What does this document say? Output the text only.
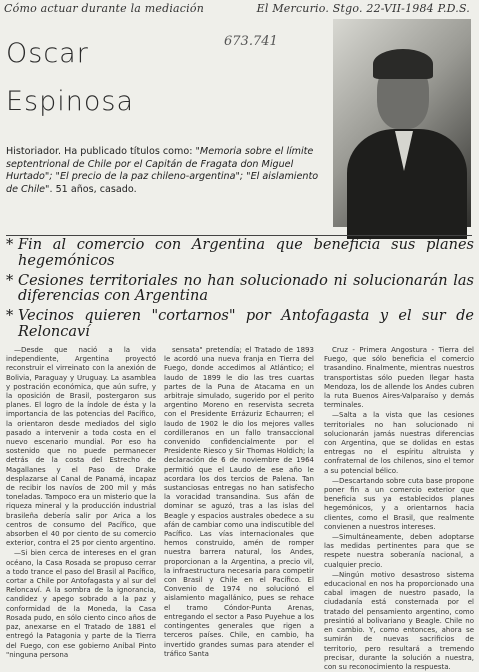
Cómo actuar durante la mediación	El Mercurio. Stgo. 22-VII-1984 P.D.S.
673.741
Oscar
Espinosa
Historiador. Ha publicado títulos como: "Memoria sobre el límite septentrional de Chile por el Capitán de Fragata don Miguel Hurtado"; "El precio de la paz chileno-argentina"; "El aislamiento de Chile". 51 años, casado.
* Fin al comercio con Argentina que beneficia sus planes hegemónicos
* Cesiones territoriales no han solucionado ni solucionarán las diferencias con Argentina
* Vecinos quieren "cortarnos" por Antofagasta y el sur de Reloncaví

—Desde que nació a la vida independiente, Argentina proyectó reconstruir el virreinato con la anexión de Bolivia, Paraguay y Uruguay. La asamblea y postración económica, que aún sufre, y la oposición de Brasil, postergaron sus planes. El logro de la índole de ésta y la importancia de las potencias del Pacífico, la orientaron desde mediados del siglo pasado a intervenir a toda costa en el nuevo escenario mundial. Por eso ha sostenido que no puede permanecer detrás de la costa del Estrecho de Magallanes y el Paso de Drake desplazarse al Canal de Panamá, incapaz de recibir los navíos de 200 mil y más toneladas. Tampoco era un misterio que la riqueza mineral y la producción industrial brasileña debería salir por Arica a los centros de consumo del Pacífico, que absorben el 40 por ciento de su comercio exterior, contra el 25 por ciento argentino.

—Si bien cerca de intereses en el gran océano, la Casa Rosada se propuso cerrar a todo trance el paso del Brasil al Pacífico, cortar a Chile por Antofagasta y al sur del Reloncaví. A la sombra de la ignorancia, candidez y apego sobrado a la paz y conformidad de la Moneda, la Casa Rosada pudo, en sólo ciento cinco años de paz, anexarse en el Tratado de 1881 el entregó la Patagonia y parte de la Tierra del Fuego, con ese gobierno Aníbal Pinto "ninguna persona

sensata" pretendía; el Tratado de 1893 le acordó una nueva franja en Tierra del Fuego, donde accedimos al Atlántico; el laudo de 1899 le dio las tres cuartas partes de la Puna de Atacama en un arbitraje simulado, sugerido por el perito argentino Moreno en reservista secreta con el Presidente Errázuriz Echaurren; el laudo de 1902 le dio los mejores valles cordilleranos en un fallo transaccional convenido confidencialmente por el Presidente Riesco y Sir Thomas Holdich; la declaración de 6 de noviembre de 1964 permitió que el Laudo de ese año le acordara los dos tercios de Palena. Tan sustanciosas entregas no han satisfecho la voracidad transandina. Sus afán de dominar se aguzó, tras a las islas del Beagle y espacios australes obedece a su afán de cambiar como una indiscutible del Pacífico. Las vías internacionales que hemos construido, amén de romper nuestra barrera natural, los Andes, proporcionan a la Argentina, a precio vil, la infraestructura necesaria para competir con Brasil y Chile en el Pacífico. El Convenio de 1974 no solucionó el aislamiento magallánico, pues se rehace el tramo Cóndor-Punta Arenas, entregando el sector a Paso Puyehue a los contingentes generales que rigen a terceros países. Chile, en cambio, ha invertido grandes sumas para atender el tráfico Santa

Cruz - Primera Angostura - Tierra del Fuego, que sólo beneficia el comercio trasandino. Finalmente, mientras nuestros transportistas sólo pueden llegar hasta Mendoza, los de allende los Andes cubren la ruta Buenos Aires-Valparaíso y demás terminales.

—Salta a la vista que las cesiones territoriales no han solucionado ni solucionarán jamás nuestras diferencias con Argentina, que se dolidas en estas entregas no el espíritu altruista y confraternal de los chilenos, sino el temor a su potencial bélico.

—Descartando sobre cuta base propone poner fin a un comercio exterior que beneficia sus ya establecidos planes hegemónicos, y a orientarnos hacia clientes, como el Brasil, que realmente convienen a nuestros intereses.

—Simultáneamente, deben adoptarse las medidas pertinentes para que se respete nuestra soberanía nacional, a cualquier precio.

—Ningún motivo desastroso sistema educacional en nos ha proporcionado una cabal imagen de nuestro pasado, la ciudadanía está consternada por el tratado del pensamiento argentino, como presintió al bolivariano y Beagle. Chile no en cambio. Y, como entonces, ahora se sumirán de nuevas sacrificios de territorio, pero resultará a tremendo precisar, durante la solución a nuestra, con su reconocimiento la respuesta.
